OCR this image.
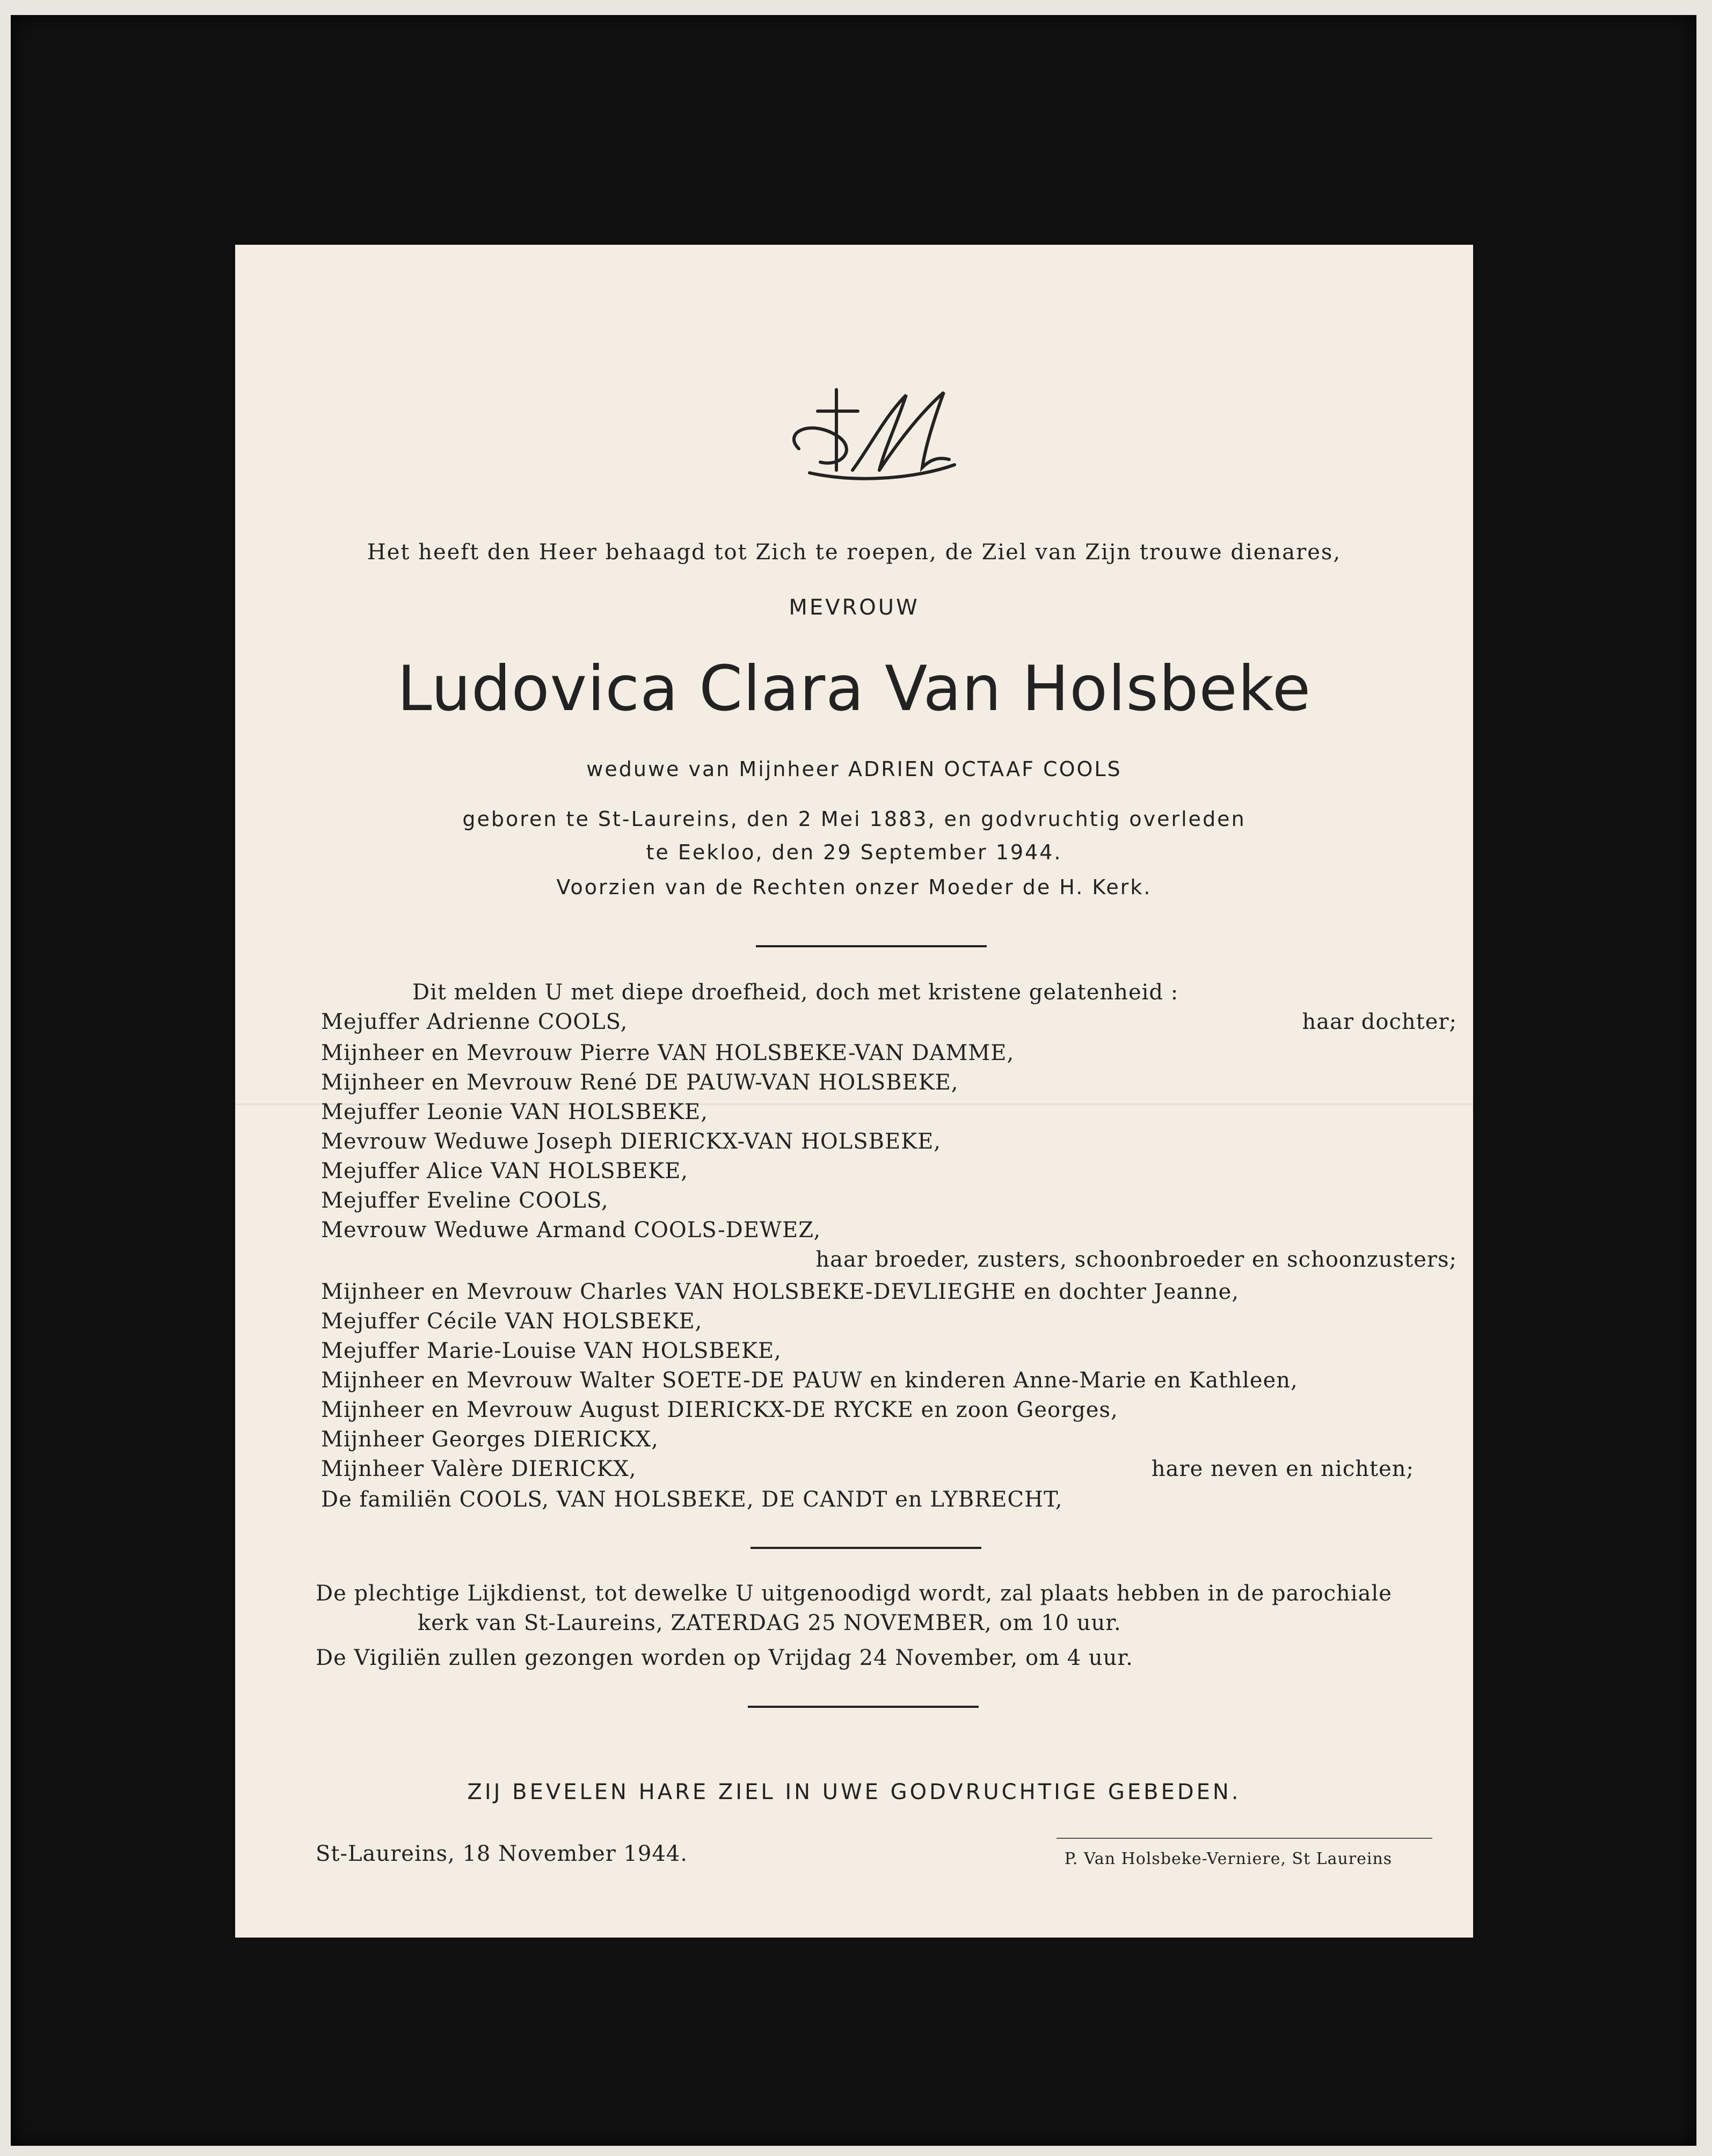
Het heeft den Heer behaagd tot Zich te roepen, de Ziel van Zijn trouwe dienares,
MEVROUW
Ludovica Clara Van Holsbeke
weduwe van Mijnheer ADRIEN OCTAAF COOLS
geboren te St-Laureins, den 2 Mei 1883, en godvruchtig overleden
te Eekloo, den 29 September 1944.
Voorzien van de Rechten onzer Moeder de H. Kerk.
Dit melden U met diepe droefheid, doch met kristene gelatenheid :
Mejuffer Adrienne COOLS,	haar dochter;
Mijnheer en Mevrouw Pierre VAN HOLSBEKE-VAN DAMME,
Mijnheer en Mevrouw René DE PAUW-VAN HOLSBEKE,
Mejuffer Leonie VAN HOLSBEKE,
Mevrouw Weduwe Joseph DIERICKX-VAN HOLSBEKE,
Mejuffer Alice VAN HOLSBEKE,
Mejuffer Eveline COOLS,
Mevrouw Weduwe Armand COOLS-DEWEZ,
haar broeder, zusters, schoonbroeder en schoonzusters;
Mijnheer en Mevrouw Charles VAN HOLSBEKE-DEVLIEGHE en dochter Jeanne,
Mejuffer Cécile VAN HOLSBEKE,
Mejuffer Marie-Louise VAN HOLSBEKE,
Mijnheer en Mevrouw Walter SOETE-DE PAUW en kinderen Anne-Marie en Kathleen,
Mijnheer en Mevrouw August DIERICKX-DE RYCKE en zoon Georges,
Mijnheer Georges DIERICKX,
Mijnheer Valère DIERICKX,	hare neven en nichten;
De familiën COOLS, VAN HOLSBEKE, DE CANDT en LYBRECHT,
De plechtige Lijkdienst, tot dewelke U uitgenoodigd wordt, zal plaats hebben in de parochiale
kerk van St-Laureins, ZATERDAG 25 NOVEMBER, om 10 uur.
De Vigiliën zullen gezongen worden op Vrijdag 24 November, om 4 uur.
ZIJ BEVELEN HARE ZIEL IN UWE GODVRUCHTIGE GEBEDEN.
St-Laureins, 18 November 1944.	P. Van Holsbeke-Verniere, St Laureins
